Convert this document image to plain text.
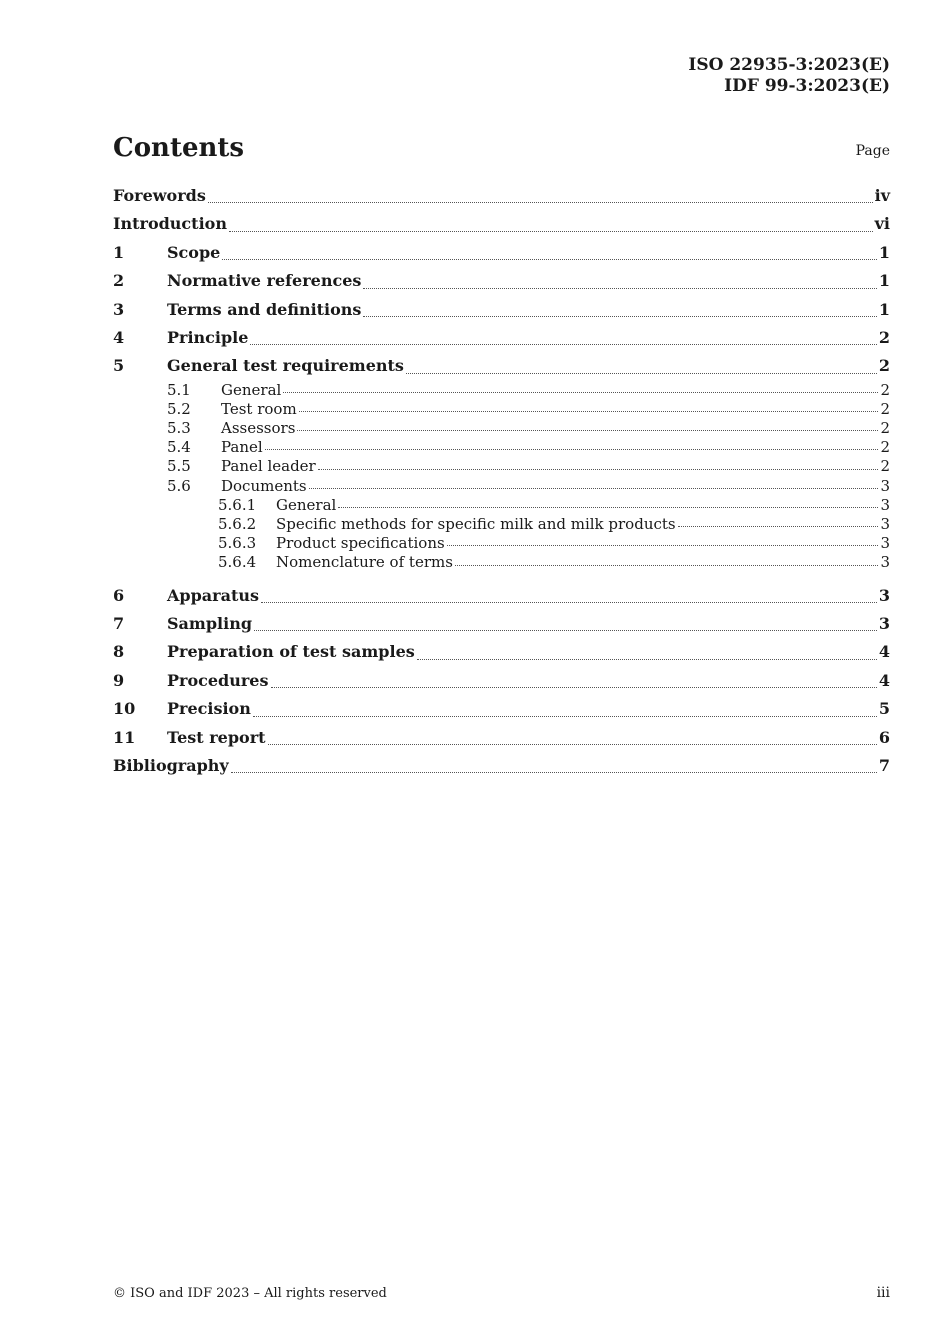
ISO 22935-3:2023(E)
IDF 99-3:2023(E)
Contents	Page
Forewords	iv
Introduction	vi
1	Scope	1
2	Normative references	1
3	Terms and definitions	1
4	Principle	2
5	General test requirements	2
5.1	General	2
5.2	Test room	2
5.3	Assessors	2
5.4	Panel	2
5.5	Panel leader	2
5.6	Documents	3
5.6.1	General	3
5.6.2	Specific methods for specific milk and milk products	3
5.6.3	Product specifications	3
5.6.4	Nomenclature of terms	3
6	Apparatus	3
7	Sampling	3
8	Preparation of test samples	4
9	Procedures	4
10	Precision	5
11	Test report	6
Bibliography	7
© ISO and IDF 2023 – All rights reserved	iii
